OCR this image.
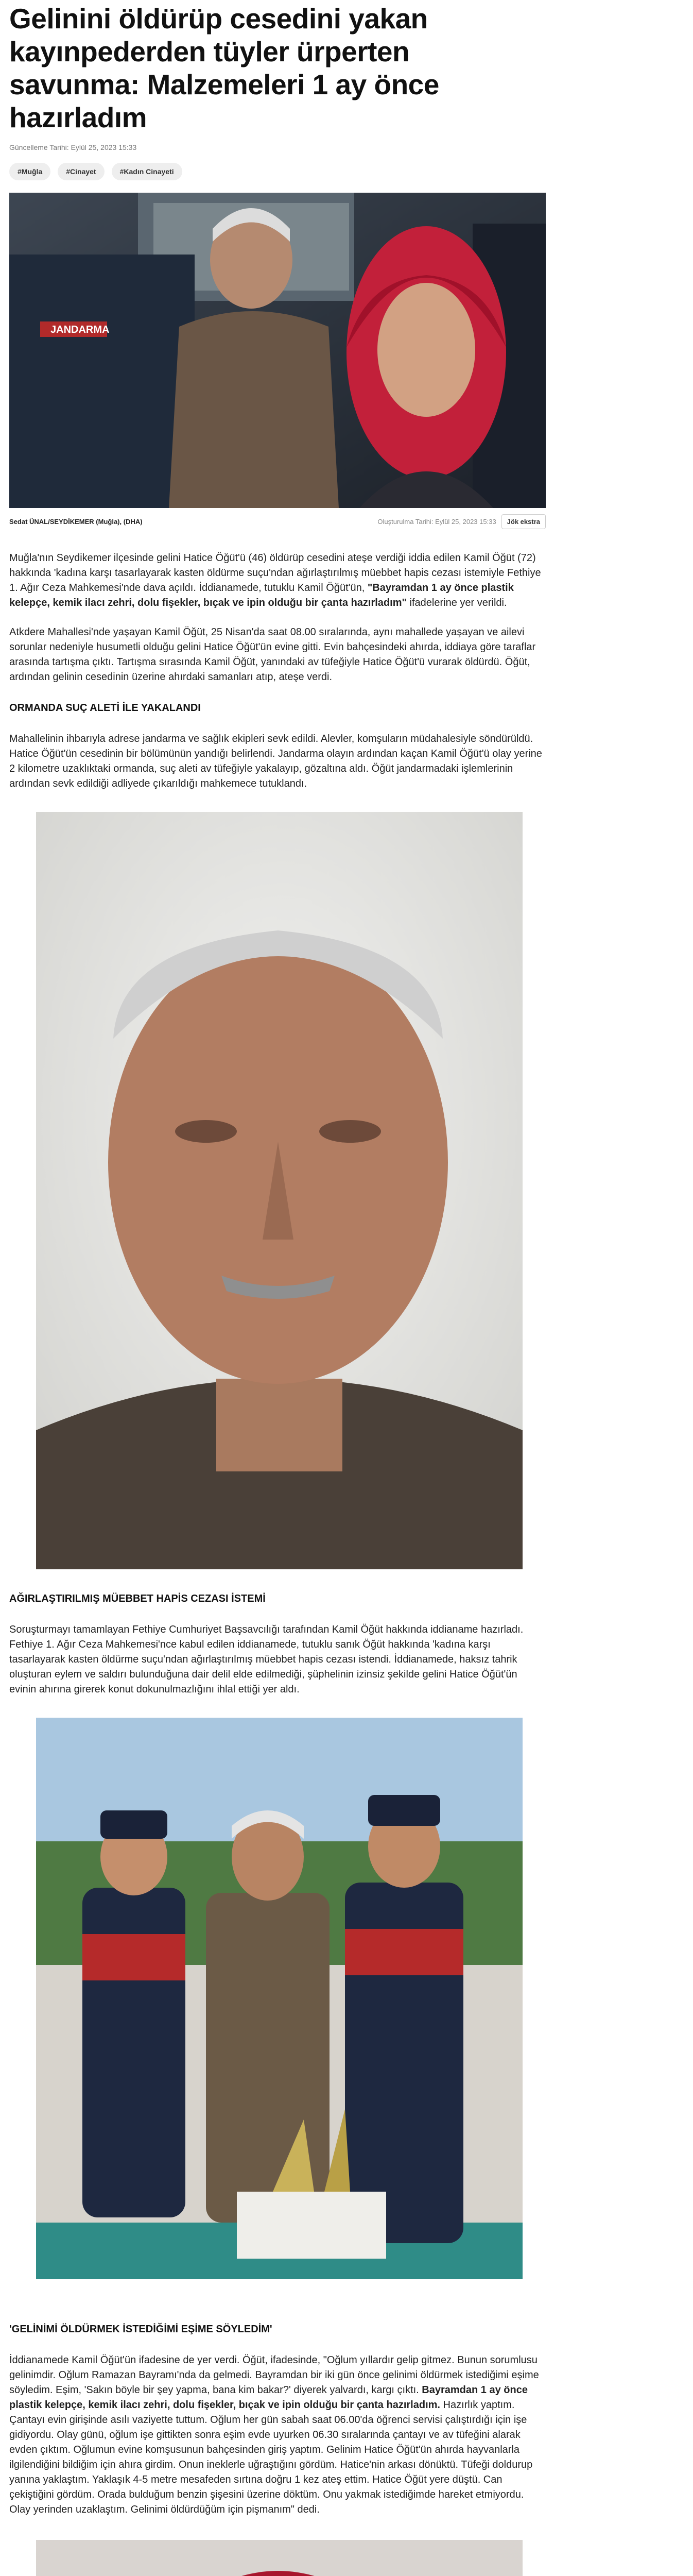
Gelinini öldürüp cesedini yakan kayınpederden tüyler ürperten savunma: Malzemeleri 1 ay önce hazırladım
Güncelleme Tarihi: Eylül 25, 2023 15:33
#Muğla	#Cinayet	#Kadın Cinayeti
JANDARMA
Sedat ÜNAL/SEYDİKEMER (Muğla), (DHA)	Oluşturulma Tarihi: Eylül 25, 2023 15:33	Jök ekstra

Muğla'nın Seydikemer ilçesinde gelini Hatice Öğüt'ü (46) öldürüp cesedini ateşe verdiği iddia edilen Kamil Öğüt (72) hakkında 'kadına karşı tasarlayarak kasten öldürme suçu'ndan ağırlaştırılmış müebbet hapis cezası istemiyle Fethiye 1. Ağır Ceza Mahkemesi'nde dava açıldı. İddianamede, tutuklu Kamil Öğüt'ün, "Bayramdan 1 ay önce plastik kelepçe, kemik ilacı zehri, dolu fişekler, bıçak ve ipin olduğu bir çanta hazırladım" ifadelerine yer verildi.

Atkdere Mahallesi'nde yaşayan Kamil Öğüt, 25 Nisan'da saat 08.00 sıralarında, aynı mahallede yaşayan ve ailevi sorunlar nedeniyle husumetli olduğu gelini Hatice Öğüt'ün evine gitti. Evin bahçesindeki ahırda, iddiaya göre taraflar arasında tartışma çıktı. Tartışma sırasında Kamil Öğüt, yanındaki av tüfeğiyle Hatice Öğüt'ü vurarak öldürdü. Öğüt, ardından gelinin cesedinin üzerine ahırdaki samanları atıp, ateşe verdi.

ORMANDA SUÇ ALETİ İLE YAKALANDI

Mahallelinin ihbarıyla adrese jandarma ve sağlık ekipleri sevk edildi. Alevler, komşuların müdahalesiyle söndürüldü. Hatice Öğüt'ün cesedinin bir bölümünün yandığı belirlendi. Jandarma olayın ardından kaçan Kamil Öğüt'ü olay yerine 2 kilometre uzaklıktaki ormanda, suç aleti av tüfeğiyle yakalayıp, gözaltına aldı. Öğüt jandarmadaki işlemlerinin ardından sevk edildiği adliyede çıkarıldığı mahkemece tutuklandı.

AĞIRLAŞTIRILMIŞ MÜEBBET HAPİS CEZASI İSTEMİ

Soruşturmayı tamamlayan Fethiye Cumhuriyet Başsavcılığı tarafından Kamil Öğüt hakkında iddianame hazırladı. Fethiye 1. Ağır Ceza Mahkemesi'nce kabul edilen iddianamede, tutuklu sanık Öğüt hakkında 'kadına karşı tasarlayarak kasten öldürme suçu'ndan ağırlaştırılmış müebbet hapis cezası istendi. İddianamede, haksız tahrik oluşturan eylem ve saldırı bulunduğuna dair delil elde edilmediği, şüphelinin izinsiz şekilde gelini Hatice Öğüt'ün evinin ahırına girerek konut dokunulmazlığını ihlal ettiği yer aldı.

'GELİNİMİ ÖLDÜRMEK İSTEDİĞİMİ EŞİME SÖYLEDİM'

İddianamede Kamil Öğüt'ün ifadesine de yer verdi. Öğüt, ifadesinde, "Oğlum yıllardır gelip gitmez. Bunun sorumlusu gelinimdir. Oğlum Ramazan Bayramı'nda da gelmedi. Bayramdan bir iki gün önce gelinimi öldürmek istediğimi eşime söyledim. Eşim, 'Sakın böyle bir şey yapma, bana kim bakar?' diyerek yalvardı, kargı çıktı. Bayramdan 1 ay önce plastik kelepçe, kemik ilacı zehri, dolu fişekler, bıçak ve ipin olduğu bir çanta hazırladım. Hazırlık yaptım. Çantayı evin girişinde asılı vaziyette tuttum. Oğlum her gün sabah saat 06.00'da öğrenci servisi çalıştırdığı için işe gidiyordu. Olay günü, oğlum işe gittikten sonra eşim evde uyurken 06.30 sıralarında çantayı ve av tüfeğini alarak evden çıktım. Oğlumun evine komşusunun bahçesinden giriş yaptım. Gelinim Hatice Öğüt'ün ahırda hayvanlarla ilgilendiğini bildiğim için ahıra girdim. Onun ineklerle uğraştığını gördüm. Hatice'nin arkası dönüktü. Tüfeği doldurup yanına yaklaştım. Yaklaşık 4-5 metre mesafeden sırtına doğru 1 kez ateş ettim. Hatice Öğüt yere düştü. Can çekiştiğini gördüm. Orada bulduğum benzin şişesini üzerine döktüm. Onu yakmak istediğimde hareket etmiyordu. Olay yerinden uzaklaştım. Gelinimi öldürdüğüm için pişmanım" dedi.
